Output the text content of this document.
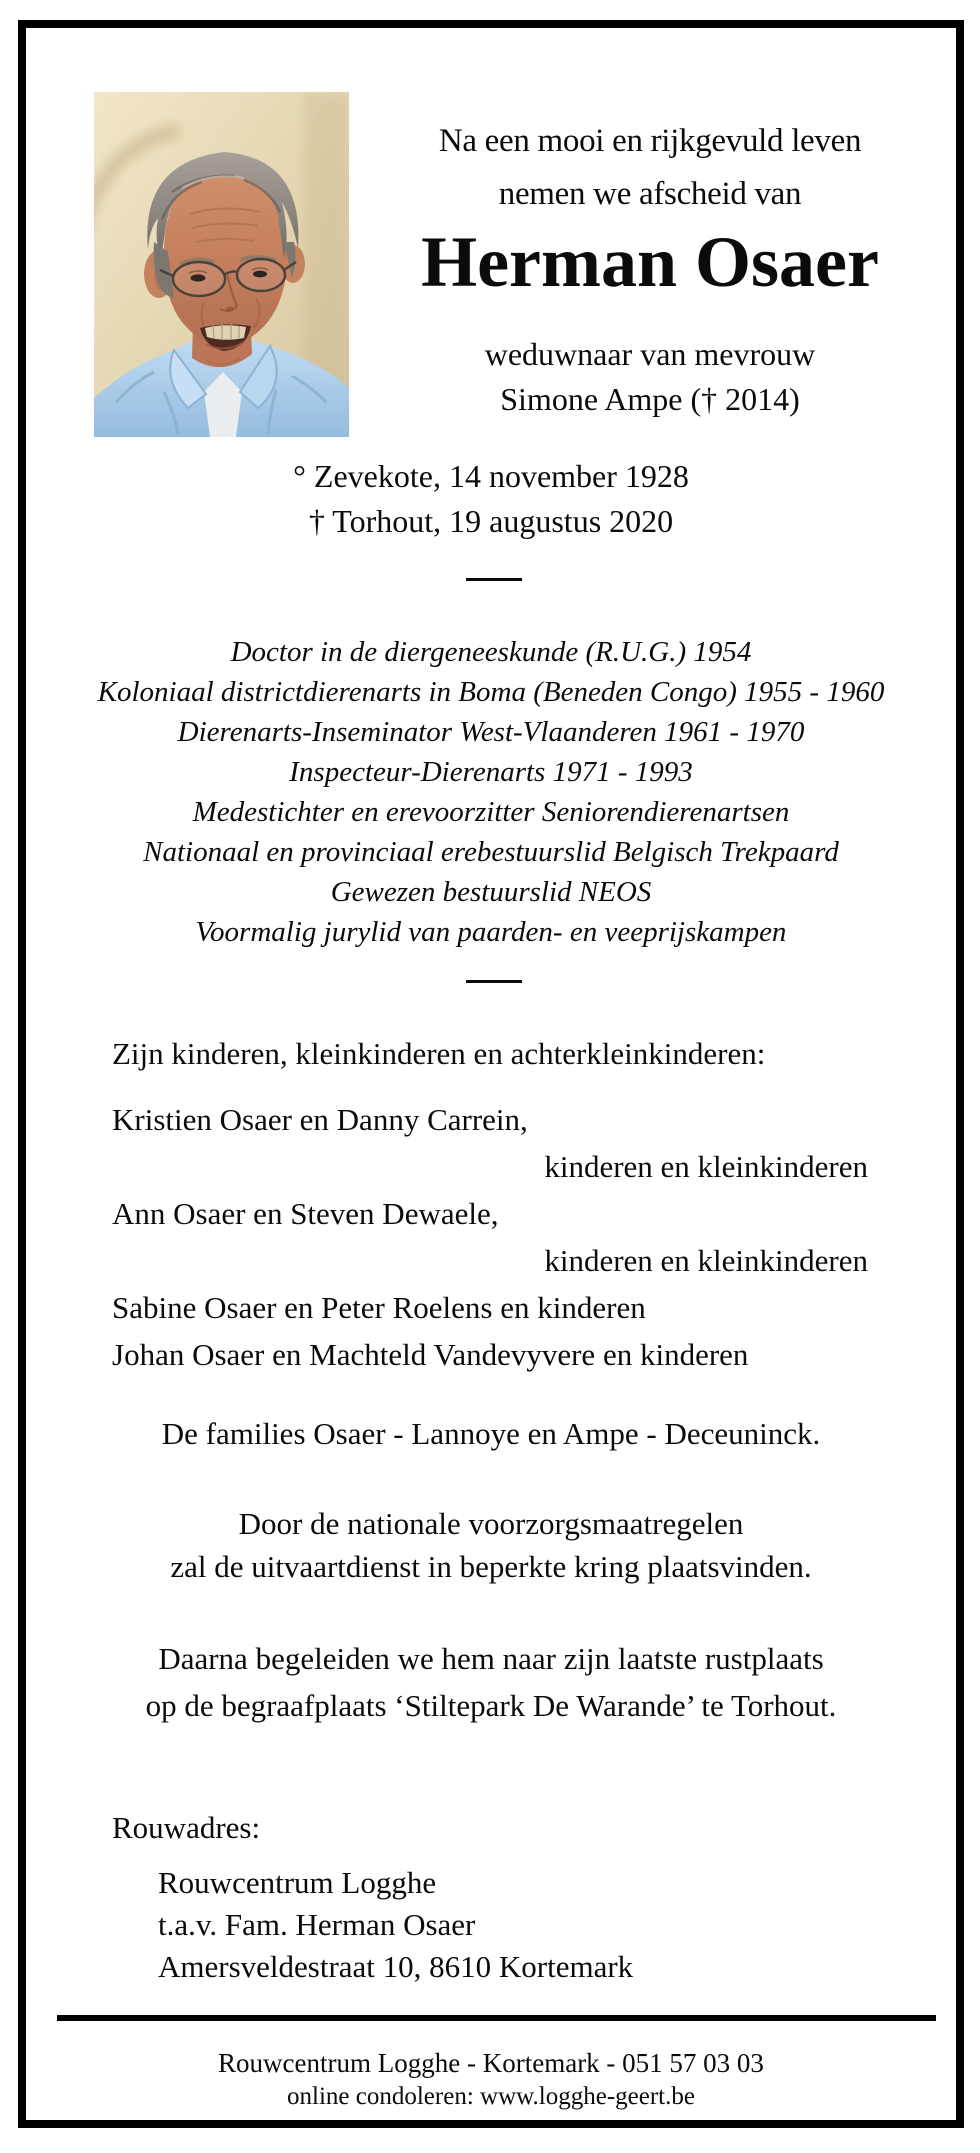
Na een mooi en rijkgevuld leven
nemen we afscheid van
Herman Osaer
weduwnaar van mevrouw
Simone Ampe († 2014)
° Zevekote, 14 november 1928
† Torhout, 19 augustus 2020
Doctor in de diergeneeskunde (R.U.G.) 1954
Koloniaal districtdierenarts in Boma (Beneden Congo) 1955 - 1960
Dierenarts-Inseminator West-Vlaanderen 1961 - 1970
Inspecteur-Dierenarts 1971 - 1993
Medestichter en erevoorzitter Seniorendierenartsen
Nationaal en provinciaal erebestuurslid Belgisch Trekpaard
Gewezen bestuurslid NEOS
Voormalig jurylid van paarden- en veeprijskampen
Zijn kinderen, kleinkinderen en achterkleinkinderen:
Kristien Osaer en Danny Carrein,
kinderen en kleinkinderen
Ann Osaer en Steven Dewaele,
kinderen en kleinkinderen
Sabine Osaer en Peter Roelens en kinderen
Johan Osaer en Machteld Vandevyvere en kinderen
De families Osaer - Lannoye en Ampe - Deceuninck.
Door de nationale voorzorgsmaatregelen
zal de uitvaartdienst in beperkte kring plaatsvinden.
Daarna begeleiden we hem naar zijn laatste rustplaats
op de begraafplaats ‘Stiltepark De Warande’ te Torhout.
Rouwadres:
Rouwcentrum Logghe
t.a.v. Fam. Herman Osaer
Amersveldestraat 10, 8610 Kortemark
Rouwcentrum Logghe - Kortemark - 051 57 03 03
online condoleren: www.logghe-geert.be
